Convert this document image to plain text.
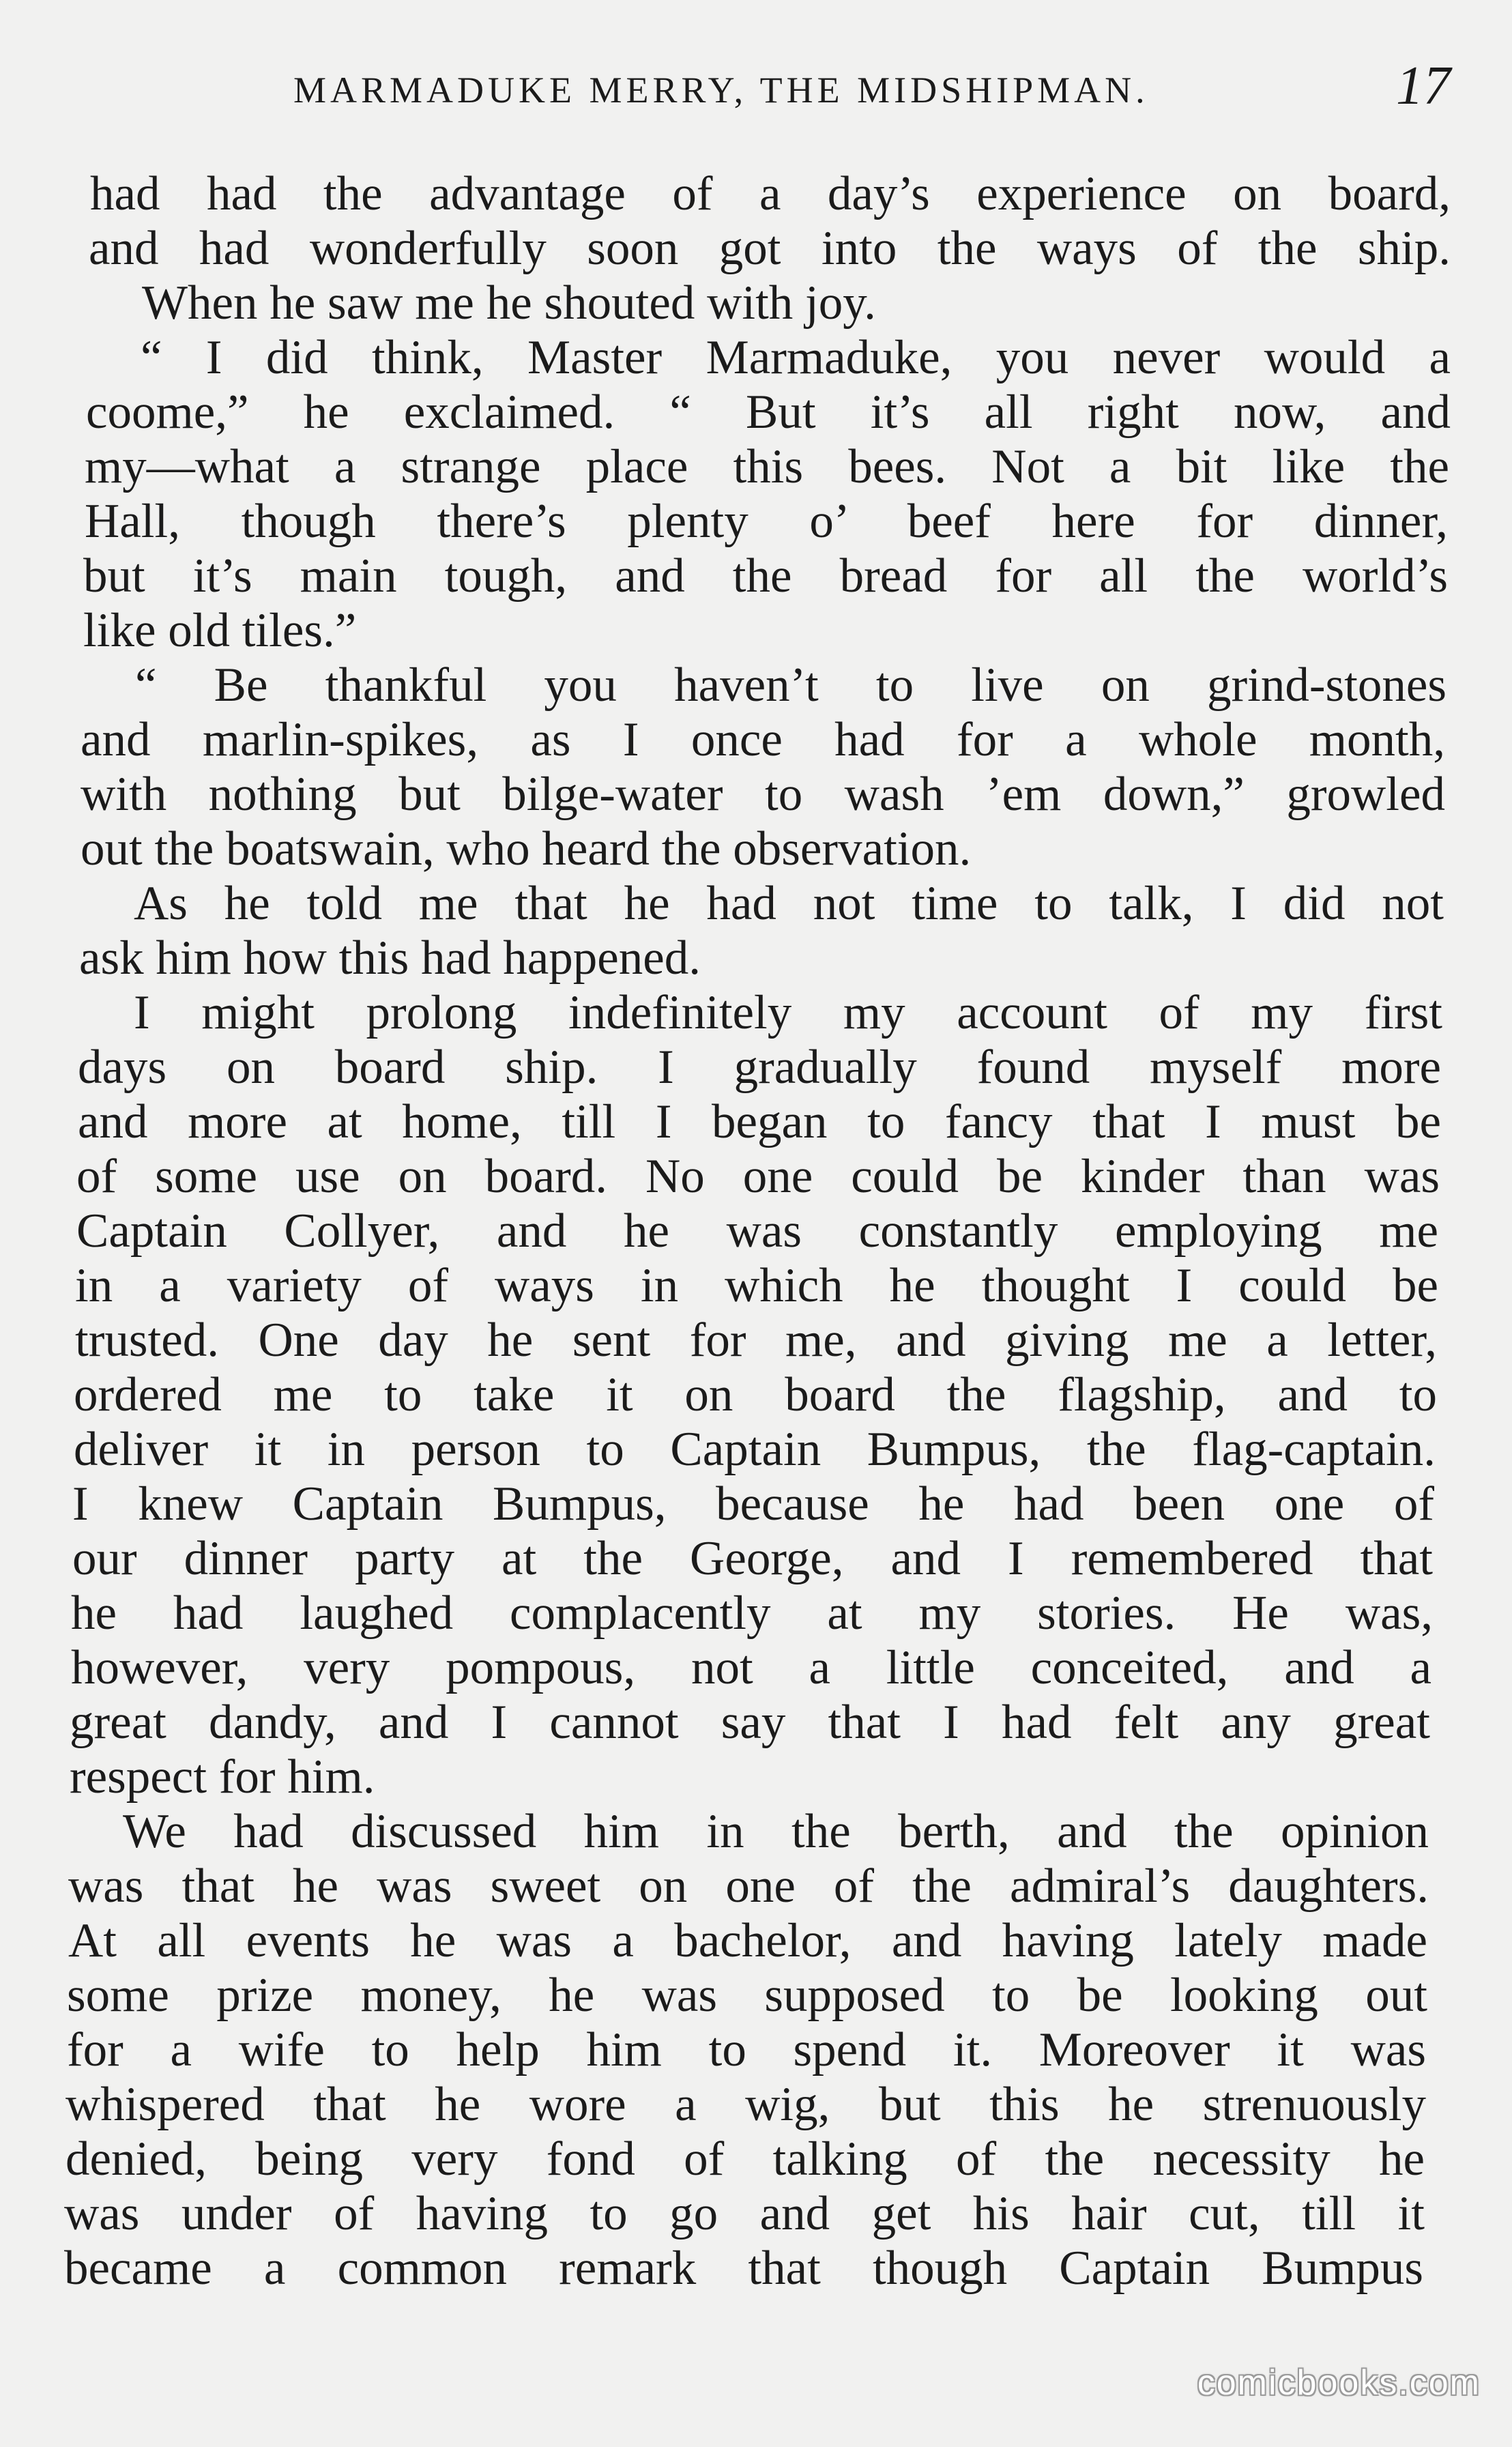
MARMADUKE MERRY, THE MIDSHIPMAN.	17
had had the advantage of a day’s experience on board,
and had wonderfully soon got into the ways of the ship.
When he saw me he shouted with joy.
“ I did think, Master Marmaduke, you never would a
coome,” he exclaimed. “ But it’s all right now, and
my—what a strange place this bees. Not a bit like the
Hall, though there’s plenty o’ beef here for dinner,
but it’s main tough, and the bread for all the world’s
like old tiles.”
“ Be thankful you haven’t to live on grind-stones
and marlin-spikes, as I once had for a whole month,
with nothing but bilge-water to wash ’em down,” growled
out the boatswain, who heard the observation.
As he told me that he had not time to talk, I did not
ask him how this had happened.
I might prolong indefinitely my account of my first
days on board ship. I gradually found myself more
and more at home, till I began to fancy that I must be
of some use on board. No one could be kinder than was
Captain Collyer, and he was constantly employing me
in a variety of ways in which he thought I could be
trusted. One day he sent for me, and giving me a letter,
ordered me to take it on board the flagship, and to
deliver it in person to Captain Bumpus, the flag-captain.
I knew Captain Bumpus, because he had been one of
our dinner party at the George, and I remembered that
he had laughed complacently at my stories. He was,
however, very pompous, not a little conceited, and a
great dandy, and I cannot say that I had felt any great
respect for him.
We had discussed him in the berth, and the opinion
was that he was sweet on one of the admiral’s daughters.
At all events he was a bachelor, and having lately made
some prize money, he was supposed to be looking out
for a wife to help him to spend it. Moreover it was
whispered that he wore a wig, but this he strenuously
denied, being very fond of talking of the necessity he
was under of having to go and get his hair cut, till it
became a common remark that though Captain Bumpus
comicbooks.com
